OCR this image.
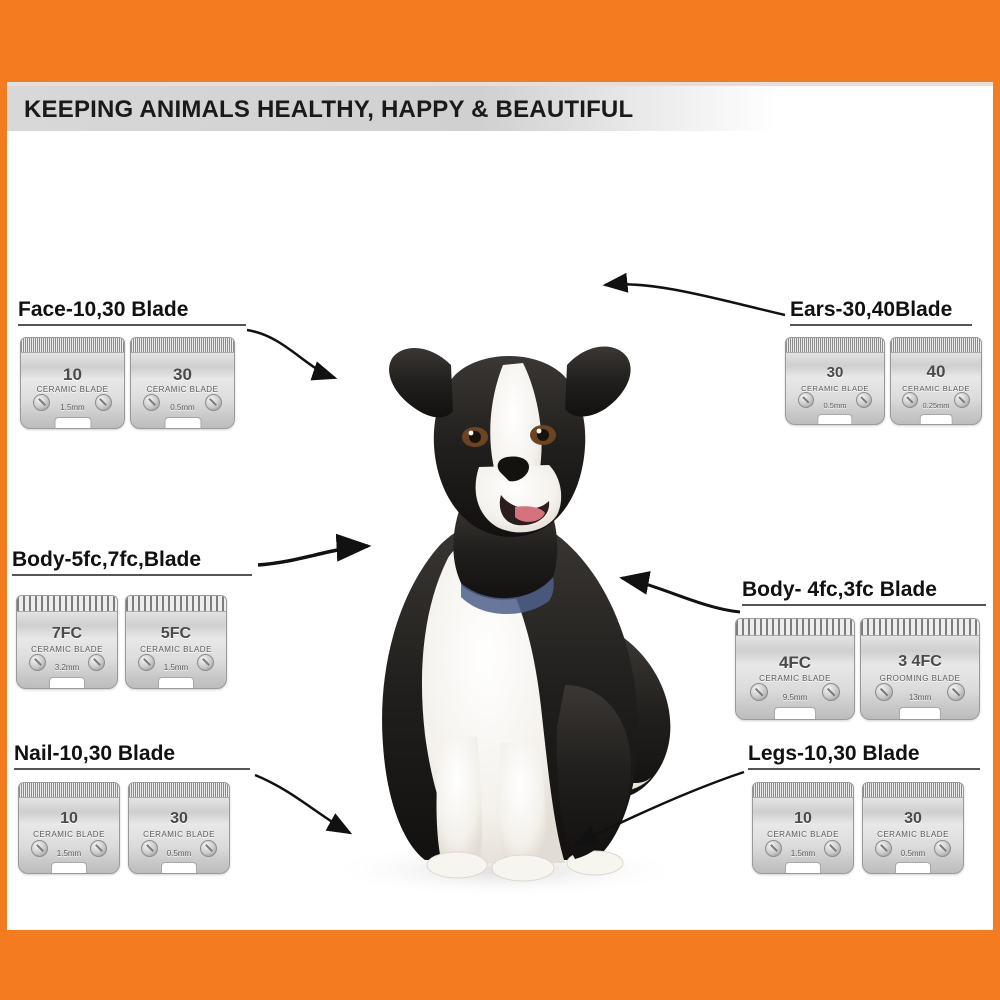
KEEPING ANIMALS HEALTHY, HAPPY & BEAUTIFUL
Face-10,30 Blade	Ears-30,40Blade
Body-5fc,7fc,Blade
Body- 4fc,3fc Blade
Nail-10,30 Blade	Legs-10,30 Blade
10
CERAMIC BLADE
1.5mm
30
CERAMIC BLADE
0.5mm
30
CERAMIC BLADE
0.5mm
40
CERAMIC BLADE
0.25mm
7FC
CERAMIC BLADE
3.2mm
5FC
CERAMIC BLADE
1.5mm	4FC
CERAMIC BLADE
9.5mm
3 4FC
GROOMING BLADE
13mm
10
CERAMIC BLADE
1.5mm
30
CERAMIC BLADE
0.5mm
10
CERAMIC BLADE
1.5mm
30
CERAMIC BLADE
0.5mm
